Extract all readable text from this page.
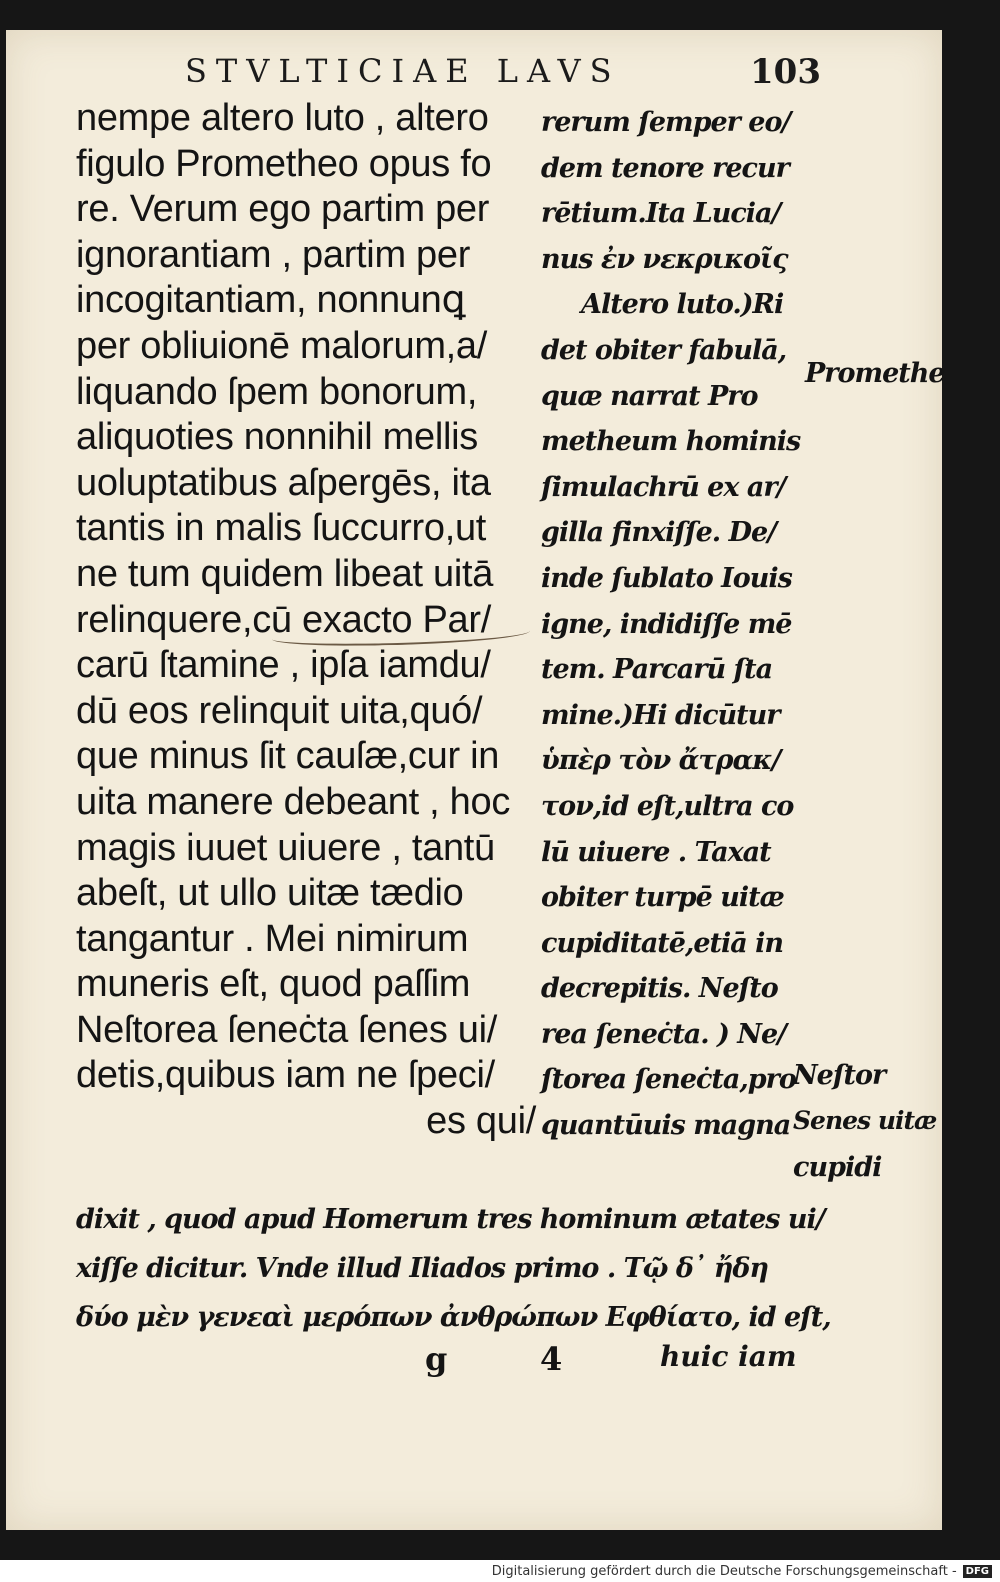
STVLTICIAE LAVS	103
nempe altero luto , altero
figulo Prometheo opus fo
re. Verum ego partim per
ignorantiam , partim per
incogitantiam, nonnunꝗ
per obliuionē malorum,a/
liquando ſpem bonorum,
aliquoties nonnihil mellis
uoluptatibus aſpergēs, ita
tantis in malis ſuccurro,ut
ne tum quidem libeat uitā
relinquere,cū exacto Par/
carū ſtamine , ipſa iamdu/
dū eos relinquit uita,quó/
que minus ſit cauſæ,cur in
uita manere debeant , hoc
magis iuuet uiuere , tantū
abeſt, ut ullo uitæ tædio
tangantur . Mei nimirum
muneris eſt, quod paſſim
Neſtorea ſeneċta ſenes ui/
detis,quibus iam ne ſpeci/
es qui/
rerum ſemper eo/
dem tenore recur
rētium.Ita Lucia/
nus ἐν νεκρικοῖς
Altero luto.)Ri
det obiter fabulā,
quæ narrat Pro
metheum hominis
ſimulachrū ex ar/
gilla finxiſſe. De/
inde ſublato Iouis
igne, indidiſſe mē
tem. Parcarū ſta
mine.)Hi dicūtur
ὑπὲρ τὸν ἄτρακ/
τον,id eſt,ultra co
lū uiuere . Taxat
obiter turpē uitæ
cupiditatē,etiā in
decrepitis. Neſto
rea ſeneċta. ) Ne/
ſtorea ſeneċta,pro
quantūuis magna
Promethe
Neſtor
Senes uitæ
cupidi
dixit , quod apud Homerum tres hominum ætates ui/
xiſſe dicitur. Vnde illud Iliados primo . Τῷ δ᾽ ἤδη
δύο μὲν γενεαὶ μερόπων ἀνθρώπων Εφθίατο, id eſt,
g	4	huic iam
Digitalisierung gefördert durch die Deutsche Forschungsgemeinschaft - DFG
